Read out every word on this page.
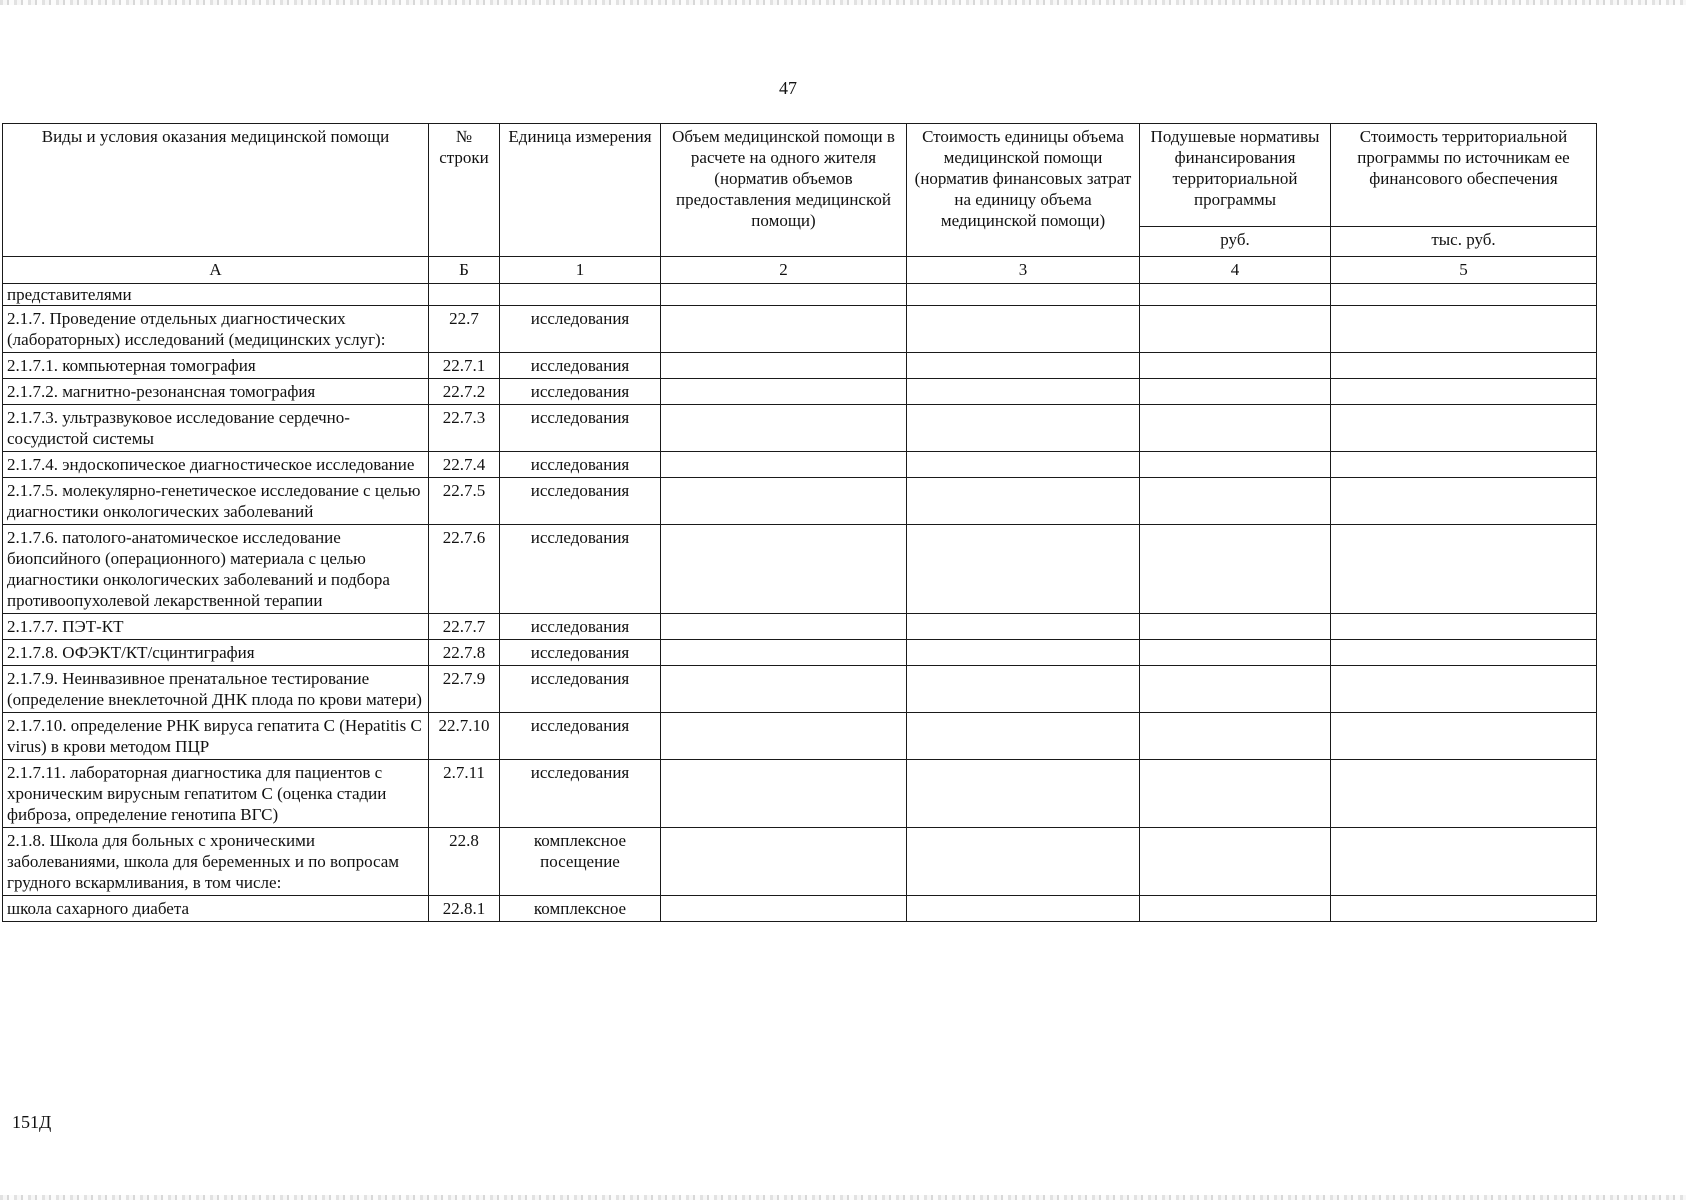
47
Виды и условия оказания медицинской помощи	№ строки	Единица измерения	Объем медицинской помощи в расчете на одного жителя (норматив объемов предоставления медицинской помощи)	Стоимость единицы объема медицинской помощи (норматив финансовых затрат на единицу объема медицинской помощи)	Подушевые нормативы финансирования территориальной программы	Стоимость территориальной программы по источникам ее финансового обеспечения
					руб.	тыс. руб.
А	Б	1	2	3	4	5
представителями						
2.1.7. Проведение отдельных диагностических (лабораторных) исследований (медицинских услуг):	22.7	исследования				
2.1.7.1. компьютерная томография	22.7.1	исследования				
2.1.7.2. магнитно-резонансная томография	22.7.2	исследования				
2.1.7.3. ультразвуковое исследование сердечно-сосудистой системы	22.7.3	исследования				
2.1.7.4. эндоскопическое диагностическое исследование	22.7.4	исследования				
2.1.7.5. молекулярно-генетическое исследование с целью диагностики онкологических заболеваний	22.7.5	исследования				
2.1.7.6. патолого-анатомическое исследование биопсийного (операционного) материала с целью диагностики онкологических заболеваний и подбора противоопухолевой лекарственной терапии	22.7.6	исследования				
2.1.7.7. ПЭТ-КТ	22.7.7	исследования				
2.1.7.8. ОФЭКТ/КТ/сцинтиграфия	22.7.8	исследования				
2.1.7.9. Неинвазивное пренатальное тестирование (определение внеклеточной ДНК плода по крови матери)	22.7.9	исследования				
2.1.7.10. определение РНК вируса гепатита С (Hepatitis C virus) в крови методом ПЦР	22.7.10	исследования				
2.1.7.11. лабораторная диагностика для пациентов с хроническим вирусным гепатитом С (оценка стадии фиброза, определение генотипа ВГС)	2.7.11	исследования				
2.1.8. Школа для больных с хроническими заболеваниями, школа для беременных и по вопросам грудного вскармливания, в том числе:	22.8	комплексное посещение				
школа сахарного диабета	22.8.1	комплексное				
151Д
